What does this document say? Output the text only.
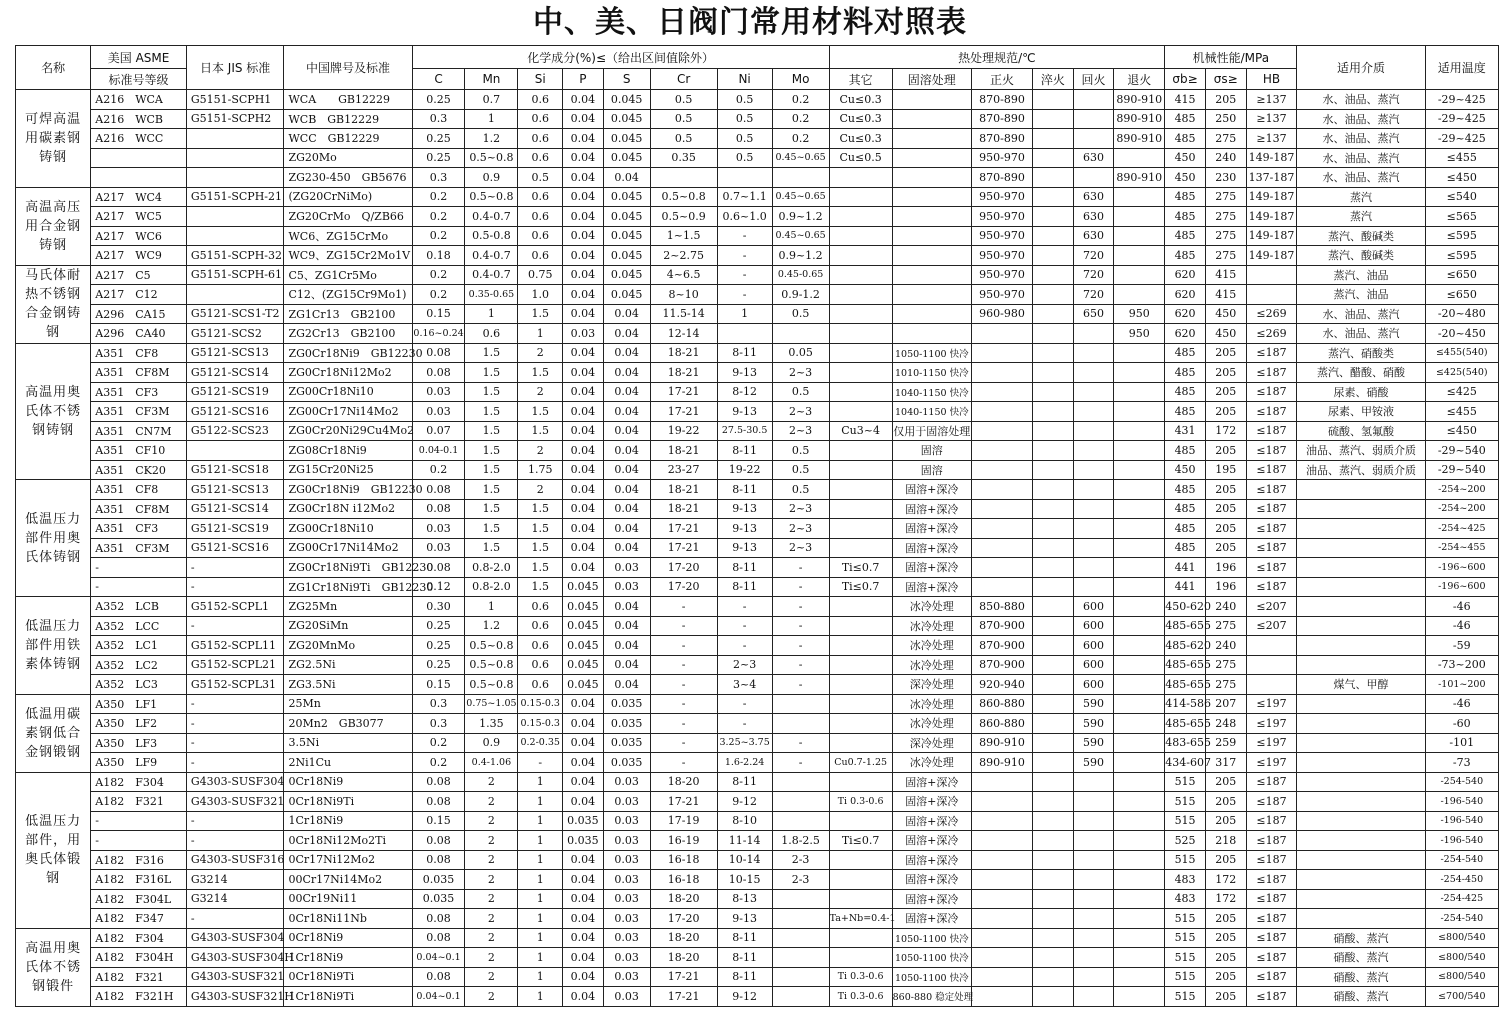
中、美、日阀门常用材料对照表
名称	美国 ASME	日本 JIS 标准	中国牌号及标准	化学成分(%)≤（给出区间值除外）								热处理规范/℃						机械性能/MPa			适用介质	适用温度
	标准号等级			C	Mn	Si	P	S	Cr	Ni	Mo	其它	固溶处理	正火	淬火	回火	退火	σb≥	σs≥	HB		
可焊高温用碳素钢铸钢	A216　WCA	G5151-SCPH1	WCA　　GB12229	0.25	0.7	0.6	0.04	0.045	0.5	0.5	0.2	Cu≤0.3		870-890			890-910	415	205	≥137	水、油品、蒸汽	-29~425
	A216　WCB	G5151-SCPH2	WCB　GB12229	0.3	1	0.6	0.04	0.045	0.5	0.5	0.2	Cu≤0.3		870-890			890-910	485	250	≥137	水、油品、蒸汽	-29~425
	A216　WCC		WCC　GB12229	0.25	1.2	0.6	0.04	0.045	0.5	0.5	0.2	Cu≤0.3		870-890			890-910	485	275	≥137	水、油品、蒸汽	-29~425
			ZG20Mo	0.25	0.5~0.8	0.6	0.04	0.045	0.35	0.5	0.45~0.65	Cu≤0.5		950-970		630		450	240	149-187	水、油品、蒸汽	≤455
			ZG230-450　GB5676	0.3	0.9	0.5	0.04	0.04						870-890			890-910	450	230	137-187	水、油品、蒸汽	≤450
高温高压用合金钢铸钢	A217　WC4	G5151-SCPH-21	(ZG20CrNiMo)	0.2	0.5~0.8	0.6	0.04	0.045	0.5~0.8	0.7~1.1	0.45~0.65			950-970		630		485	275	149-187	蒸汽	≤540
	A217　WC5		ZG20CrMo　Q/ZB66	0.2	0.4-0.7	0.6	0.04	0.045	0.5~0.9	0.6~1.0	0.9~1.2			950-970		630		485	275	149-187	蒸汽	≤565
	A217　WC6		WC6、ZG15CrMo	0.2	0.5-0.8	0.6	0.04	0.045	1~1.5	-	0.45~0.65			950-970		630		485	275	149-187	蒸汽、酸碱类	≤595
	A217　WC9	G5151-SCPH-32	WC9、ZG15Cr2Mo1V	0.18	0.4-0.7	0.6	0.04	0.045	2~2.75	-	0.9~1.2			950-970		720		485	275	149-187	蒸汽、酸碱类	≤595
马氏体耐热不锈钢合金钢铸钢	A217　C5	G5151-SCPH-61	C5、ZG1Cr5Mo	0.2	0.4-0.7	0.75	0.04	0.045	4~6.5	-	0.45-0.65			950-970		720		620	415		蒸汽、油品	≤650
	A217　C12		C12、(ZG15Cr9Mo1)	0.2	0.35-0.65	1.0	0.04	0.045	8~10	-	0.9-1.2			950-970		720		620	415		蒸汽、油品	≤650
	A296　CA15	G5121-SCS1-T2	ZG1Cr13　GB2100	0.15	1	1.5	0.04	0.04	11.5-14	1	0.5			960-980		650	950	620	450	≤269	水、油品、蒸汽	-20~480
	A296　CA40	G5121-SCS2	ZG2Cr13　GB2100	0.16~0.24	0.6	1	0.03	0.04	12-14								950	620	450	≤269	水、油品、蒸汽	-20~450
高温用奥氏体不锈钢铸钢	A351　CF8	G5121-SCS13	ZG0Cr18Ni9　GB12230	0.08	1.5	2	0.04	0.04	18-21	8-11	0.05		1050-1100 快冷					485	205	≤187	蒸汽、硝酸类	≤455(540)
	A351　CF8M	G5121-SCS14	ZG0Cr18Ni12Mo2	0.08	1.5	1.5	0.04	0.04	18-21	9-13	2~3		1010-1150 快冷					485	205	≤187	蒸汽、醋酸、硝酸	≤425(540)
	A351　CF3	G5121-SCS19	ZG00Cr18Ni10	0.03	1.5	2	0.04	0.04	17-21	8-12	0.5		1040-1150 快冷					485	205	≤187	尿素、硝酸	≤425
	A351　CF3M	G5121-SCS16	ZG00Cr17Ni14Mo2	0.03	1.5	1.5	0.04	0.04	17-21	9-13	2~3		1040-1150 快冷					485	205	≤187	尿素、甲铵液	≤455
	A351　CN7M	G5122-SCS23	ZG0Cr20Ni29Cu4Mo2	0.07	1.5	1.5	0.04	0.04	19-22	27.5-30.5	2~3	Cu3~4	仅用于固溶处理					431	172	≤187	硫酸、氢氟酸	≤450
	A351　CF10		ZG08Cr18Ni9	0.04-0.1	1.5	2	0.04	0.04	18-21	8-11	0.5		固溶					485	205	≤187	油品、蒸汽、弱质介质	-29~540
	A351　CK20	G5121-SCS18	ZG15Cr20Ni25	0.2	1.5	1.75	0.04	0.04	23-27	19-22	0.5		固溶					450	195	≤187	油品、蒸汽、弱质介质	-29~540
低温压力部件用奥氏体铸钢	A351　CF8	G5121-SCS13	ZG0Cr18Ni9　GB12230	0.08	1.5	2	0.04	0.04	18-21	8-11	0.5		固溶+深冷					485	205	≤187		-254~200
	A351　CF8M	G5121-SCS14	ZG0Cr18N i12Mo2	0.08	1.5	1.5	0.04	0.04	18-21	9-13	2~3		固溶+深冷					485	205	≤187		-254~200
	A351　CF3	G5121-SCS19	ZG00Cr18Ni10	0.03	1.5	1.5	0.04	0.04	17-21	9-13	2~3		固溶+深冷					485	205	≤187		-254~425
	A351　CF3M	G5121-SCS16	ZG00Cr17Ni14Mo2	0.03	1.5	1.5	0.04	0.04	17-21	9-13	2~3		固溶+深冷					485	205	≤187		-254~455
	-	-	ZG0Cr18Ni9Ti　GB12230	0.08	0.8-2.0	1.5	0.04	0.03	17-20	8-11	-	Ti≤0.7	固溶+深冷					441	196	≤187		-196~600
	-	-	ZG1Cr18Ni9Ti　GB12230	0.12	0.8-2.0	1.5	0.045	0.03	17-20	8-11	-	Ti≤0.7	固溶+深冷					441	196	≤187		-196~600
低温压力部件用铁素体铸钢	A352　LCB	G5152-SCPL1	ZG25Mn	0.30	1	0.6	0.045	0.04	-	-	-		冰冷处理	850-880		600		450-620	240	≤207		-46
	A352　LCC	-	ZG20SiMn	0.25	1.2	0.6	0.045	0.04	-	-	-		冰冷处理	870-900		600		485-655	275	≤207		-46
	A352　LC1	G5152-SCPL11	ZG20MnMo	0.25	0.5~0.8	0.6	0.045	0.04	-	-	-		冰冷处理	870-900		600		485-620	240			-59
	A352　LC2	G5152-SCPL21	ZG2.5Ni	0.25	0.5~0.8	0.6	0.045	0.04	-	2~3	-		冰冷处理	870-900		600		485-655	275			-73~200
	A352　LC3	G5152-SCPL31	ZG3.5Ni	0.15	0.5~0.8	0.6	0.045	0.04	-	3~4	-		深冷处理	920-940		600		485-655	275		煤气、甲醇	-101~200
低温用碳素钢低合金钢锻钢	A350　LF1	-	25Mn	0.3	0.75~1.05	0.15-0.3	0.04	0.035	-	-			冰冷处理	860-880		590		414-586	207	≤197		-46
	A350　LF2	-	20Mn2　GB3077	0.3	1.35	0.15-0.3	0.04	0.035	-	-			冰冷处理	860-880		590		485-655	248	≤197		-60
	A350　LF3	-	3.5Ni	0.2	0.9	0.2-0.35	0.04	0.035	-	3.25~3.75	-		深冷处理	890-910		590		483-655	259	≤197		-101
	A350　LF9	-	2Ni1Cu	0.2	0.4-1.06	-	0.04	0.035	-	1.6-2.24	-	Cu0.7-1.25	冰冷处理	890-910		590		434-607	317	≤197		-73
低温压力部件，用奥氏体锻钢	A182　F304	G4303-SUSF304	0Cr18Ni9	0.08	2	1	0.04	0.03	18-20	8-11			固溶+深冷					515	205	≤187		-254-540
	A182　F321	G4303-SUSF321	0Cr18Ni9Ti	0.08	2	1	0.04	0.03	17-21	9-12		Ti 0.3-0.6	固溶+深冷					515	205	≤187		-196-540
	-	-	1Cr18Ni9	0.15	2	1	0.035	0.03	17-19	8-10			固溶+深冷					515	205	≤187		-196-540
	-	-	0Cr18Ni12Mo2Ti	0.08	2	1	0.035	0.03	16-19	11-14	1.8-2.5	Ti≤0.7	固溶+深冷					525	218	≤187		-196-540
	A182　F316	G4303-SUSF316	0Cr17Ni12Mo2	0.08	2	1	0.04	0.03	16-18	10-14	2-3		固溶+深冷					515	205	≤187		-254-540
	A182　F316L	G3214	00Cr17Ni14Mo2	0.035	2	1	0.04	0.03	16-18	10-15	2-3		固溶+深冷					483	172	≤187		-254-450
	A182　F304L	G3214	00Cr19Ni11	0.035	2	1	0.04	0.03	18-20	8-13			固溶+深冷					483	172	≤187		-254-425
	A182　F347	-	0Cr18Ni11Nb	0.08	2	1	0.04	0.03	17-20	9-13		Ta+Nb=0.4-1	固溶+深冷					515	205	≤187		-254-540
高温用奥氏体不锈钢锻件	A182　F304	G4303-SUSF304	0Cr18Ni9	0.08	2	1	0.04	0.03	18-20	8-11			1050-1100 快冷					515	205	≤187	硝酸、蒸汽	≤800/540
	A182　F304H	G4303-SUSF304H	1Cr18Ni9	0.04~0.1	2	1	0.04	0.03	18-20	8-11			1050-1100 快冷					515	205	≤187	硝酸、蒸汽	≤800/540
	A182　F321	G4303-SUSF321	0Cr18Ni9Ti	0.08	2	1	0.04	0.03	17-21	8-11		Ti 0.3-0.6	1050-1100 快冷					515	205	≤187	硝酸、蒸汽	≤800/540
	A182　F321H	G4303-SUSF321H	1Cr18Ni9Ti	0.04~0.1	2	1	0.04	0.03	17-21	9-12		Ti 0.3-0.6	860-880 稳定处理					515	205	≤187	硝酸、蒸汽	≤700/540
